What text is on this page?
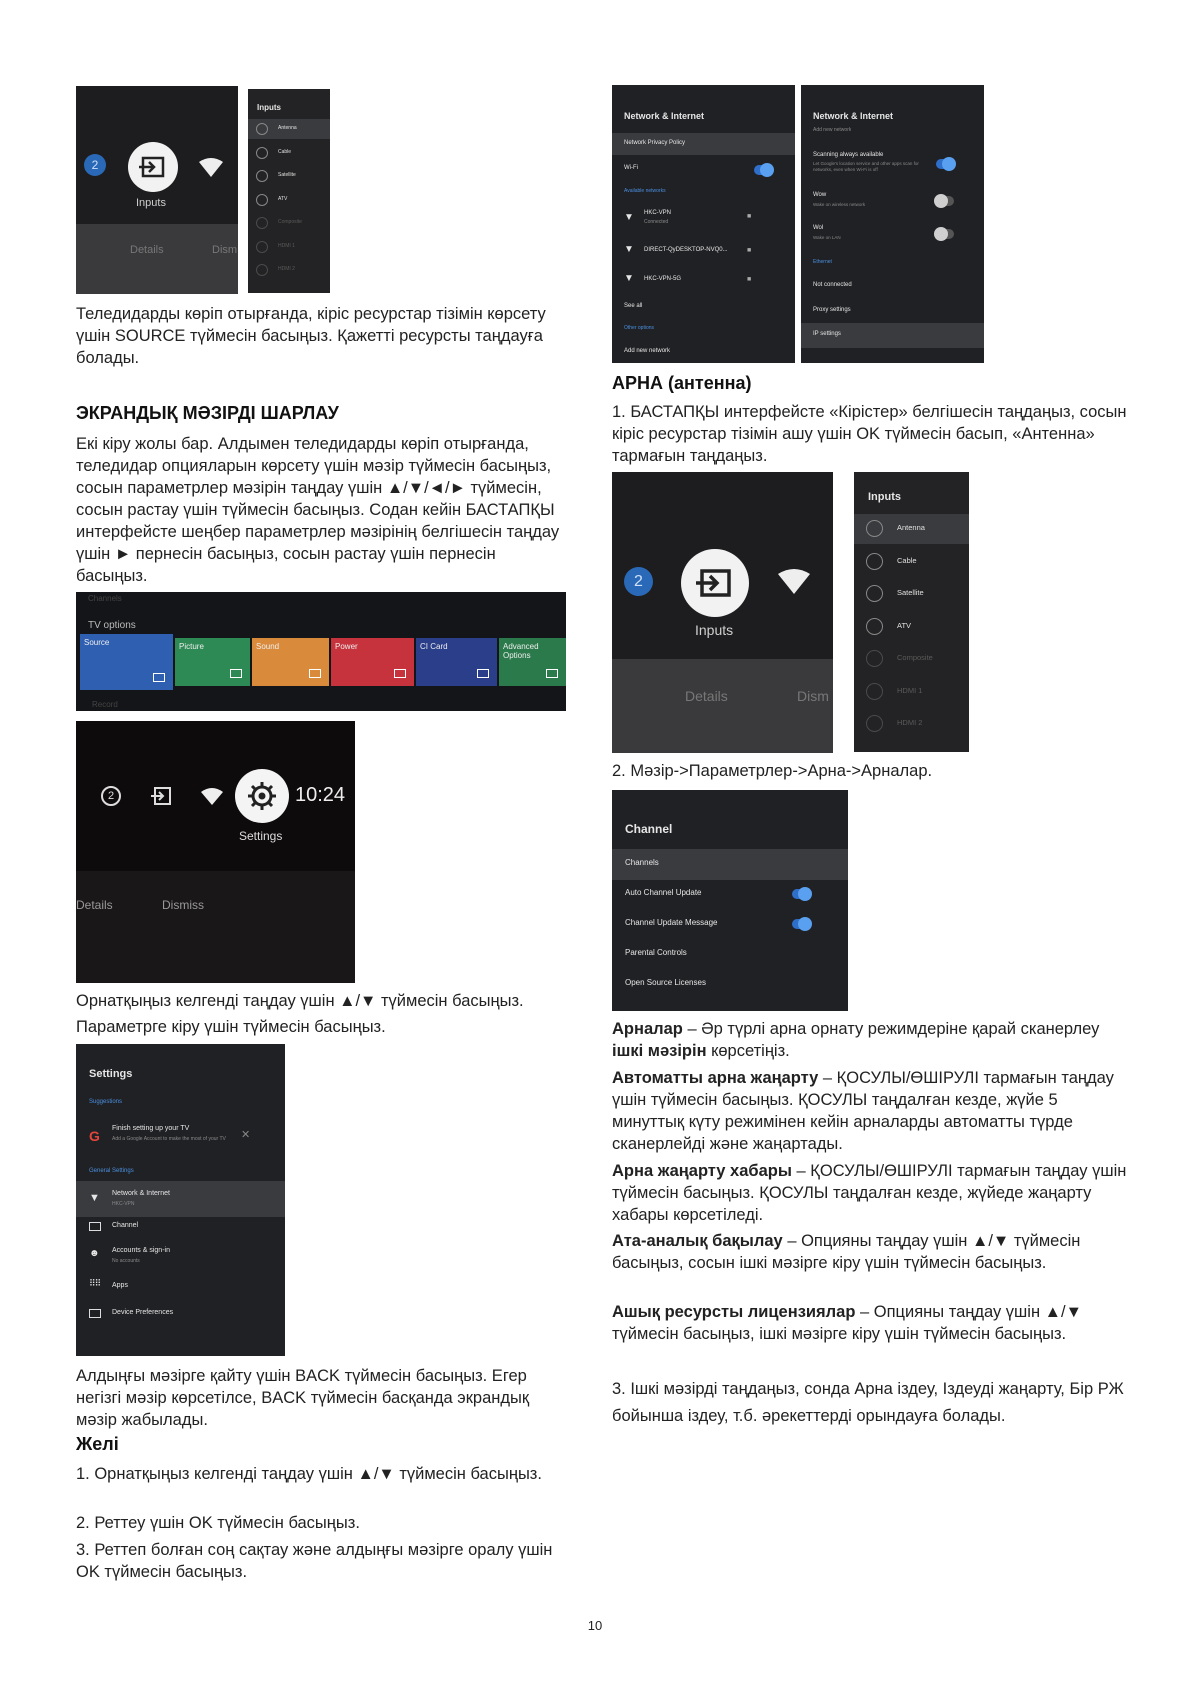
2
Inputs
Details	Dism
Inputs
Antenna
Cable
Satellite
ATV
Composite
HDMI 1
HDMI 2
Теледидарды көріп отырғанда, кіріс ресурстар тізімін көрсету үшін SOURCE түймесін басыңыз. Қажетті ресурсты таңдауға болады.
ЭКРАНДЫҚ МӘЗІРДІ ШАРЛАУ
Екі кіру жолы бар. Алдымен теледидарды көріп отырғанда, теледидар опцияларын көрсету үшін мәзір түймесін басыңыз, сосын параметрлер мәзірін таңдау үшін ▲/▼/◄/► түймесін, сосын растау үшін түймесін басыңыз. Содан кейін БАСТАПҚЫ интерфейсте шеңбер параметрлер мәзірінің белгішесін таңдау үшін ► пернесін басыңыз, сосын растау үшін пернесін басыңыз.
Channels
TV options
Source	Picture	Sound	Power	CI Card	Advanced Options
Record
2	10:24
Settings
Details	Dismiss
Орнатқыңыз келгенді таңдау үшін ▲/▼ түймесін басыңыз.
Параметрге кіру үшін түймесін басыңыз.
Settings
Suggestions
G Finish setting up your TV
Add a Google Account to make the most of your TV	✕
General Settings
▼ Network & Internet
HKC-VPN
Channel
☻ Accounts & sign-in
No accounts
⠿⠿ Apps
Device Preferences
Алдыңғы мәзірге қайту үшін BACK түймесін басыңыз. Егер негізгі мәзір көрсетілсе, BACK түймесін басқанда экрандық мәзір жабылады.
Желі
1. Орнатқыңыз келгенді таңдау үшін ▲/▼ түймесін басыңыз.
2. Реттеу үшін OK түймесін басыңыз.
3. Реттеп болған соң сақтау және алдыңғы мәзірге оралу үшін OK түймесін басыңыз.
Network & Internet
Network Privacy Policy
Wi-Fi
Available networks
▼ HKC-VPN
Connected
■
▼ DIRECT-QyDESKTOP-NVQ0...	■
▼ HKC-VPN-5G	■
See all
Other options
Add new network
Network & Internet
Add new network
Scanning always available
Let Google's location service and other apps scan for networks, even when Wi-Fi is off
Wow
Wake on wireless network
Wol
Wake on LAN
Ethernet
Not connected
Proxy settings
IP settings
АРНА (антенна)
1. БАСТАПҚЫ интерфейсте «Кірістер» белгішесін таңдаңыз, сосын кіріс ресурстар тізімін ашу үшін OK түймесін басып, «Антенна» тармағын таңдаңыз.
2
Inputs
Details	Dism
Inputs
Antenna
Cable
Satellite
ATV
Composite
HDMI 1
HDMI 2
2. Мәзір->Параметрлер->Арна->Арналар.
Channel
Channels
Auto Channel Update
Channel Update Message
Parental Controls
Open Source Licenses
Арналар – Әр түрлі арна орнату режимдеріне қарай сканерлеу ішкі мәзірін көрсетіңіз.
Автоматты арна жаңарту – ҚОСУЛЫ/ӨШІРУЛІ тармағын таңдау үшін түймесін басыңыз. ҚОСУЛЫ таңдалған кезде, жүйе 5 минуттық күту режимінен кейін арналарды автоматты түрде сканерлейді және жаңартады.
Арна жаңарту хабары – ҚОСУЛЫ/ӨШІРУЛІ тармағын таңдау үшін түймесін басыңыз. ҚОСУЛЫ таңдалған кезде, жүйеде жаңарту хабары көрсетіледі.
Ата-аналық бақылау – Опцияны таңдау үшін ▲/▼ түймесін басыңыз, сосын ішкі мәзірге кіру үшін түймесін басыңыз.
Ашық ресурсты лицензиялар – Опцияны таңдау үшін ▲/▼ түймесін басыңыз, ішкі мәзірге кіру үшін түймесін басыңыз.
3. Ішкі мәзірді таңдаңыз, сонда Арна іздеу, Іздеуді жаңарту, Бір РЖ бойынша іздеу, т.б. әрекеттерді орындауға болады.
10
